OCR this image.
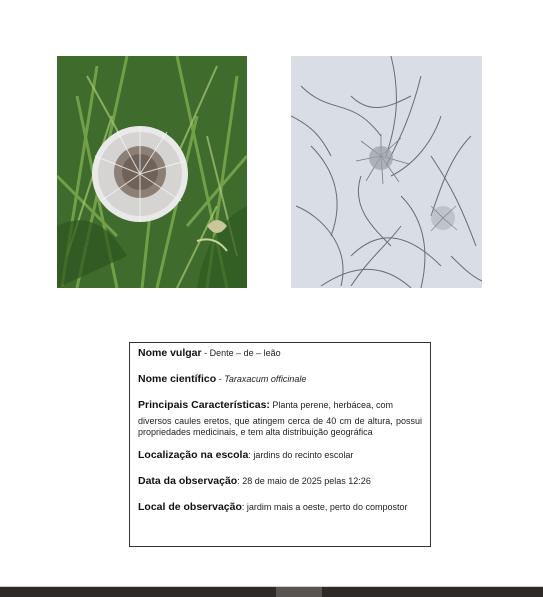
Nome vulgar - Dente – de – leão
Nome científico - Taraxacum officinale
Principais Características: Planta perene, herbácea, com
diversos caules eretos, que atingem cerca de 40 cm de altura, possui propriedades medicinais, e tem alta distribuição geográfica
Localização na escola: jardins do recinto escolar
Data da observação: 28 de maio de 2025 pelas 12:26
Local de observação: jardim mais a oeste, perto do compostor
